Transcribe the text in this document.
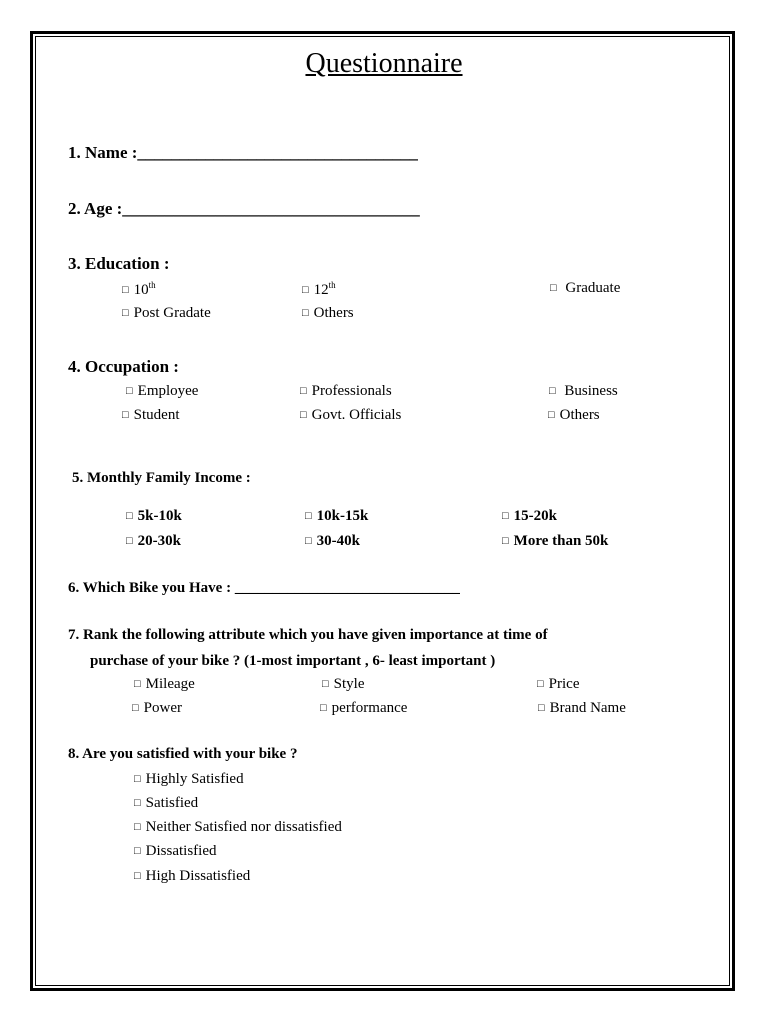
Questionnaire
1. Name :_________________________________
2. Age :___________________________________
3. Education :
□ 10th	□ 12th	□ Graduate
□ Post Gradate	□ Others
4. Occupation :
□ Employee	□ Professionals	□ Business
□ Student	□ Govt. Officials	□ Others
5. Monthly Family Income :
□ 5k-10k	□ 10k-15k	□ 15-20k
□ 20-30k	□ 30-40k	□ More than 50k
6. Which Bike you Have : ______________________________
7. Rank the following attribute which you have given importance at time of
purchase of your bike ? (1-most important , 6- least important )
□ Mileage	□ Style	□ Price
□ Power	□ performance	□ Brand Name
8. Are you satisfied with your bike ?
□ Highly Satisfied
□ Satisfied
□ Neither Satisfied nor dissatisfied
□ Dissatisfied
□ High Dissatisfied
